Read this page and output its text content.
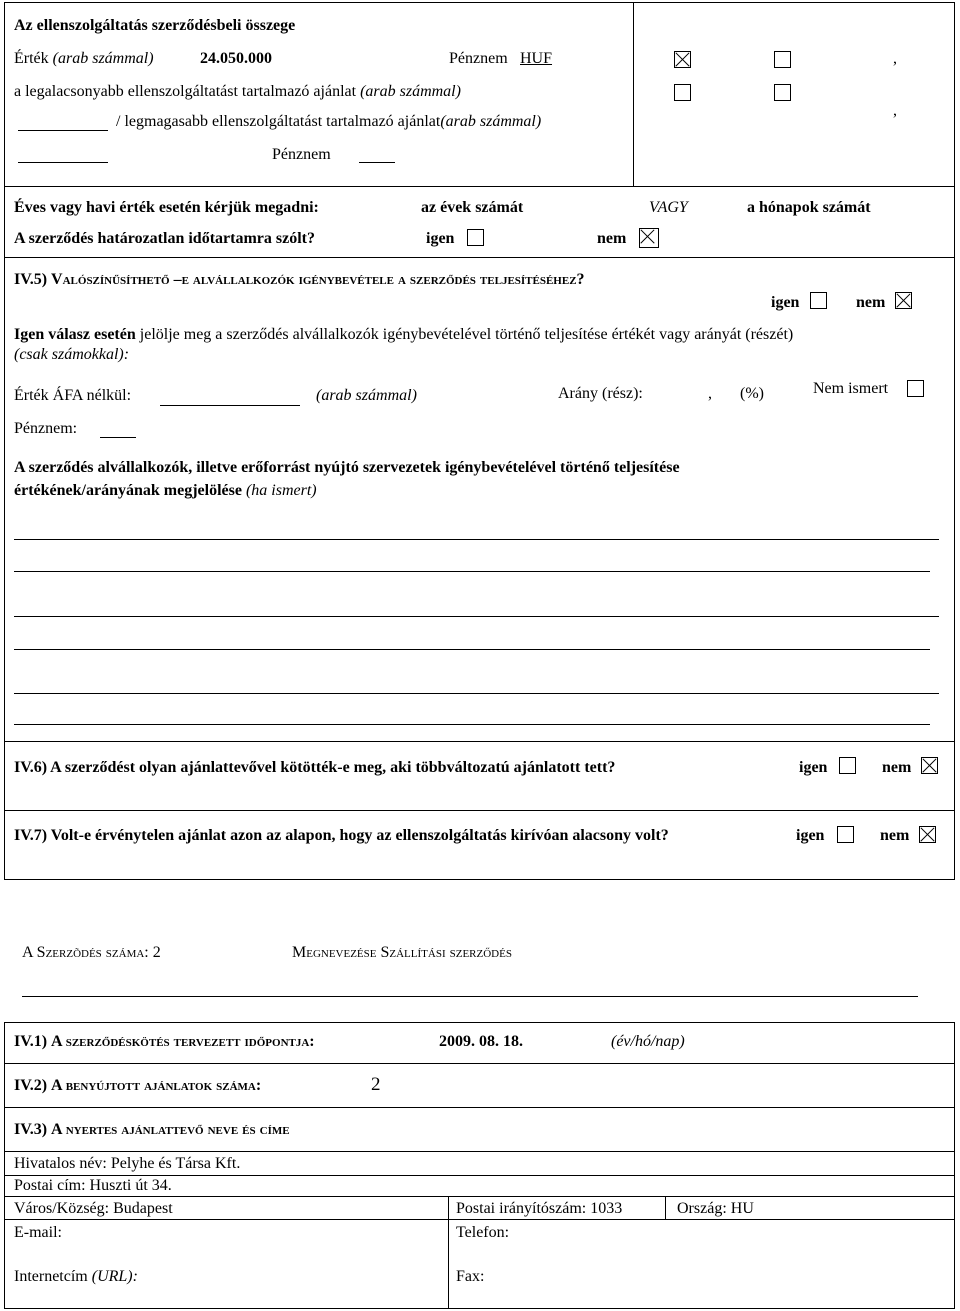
Az ellenszolgáltatás szerződésbeli összege
Érték (arab számmal)	24.050.000	Pénznem HUF	,
a legalacsonyabb ellenszolgáltatást tartalmazó ajánlat (arab számmal)
,
/ legmagasabb ellenszolgáltatást tartalmazó ajánlat(arab számmal)
Pénznem
Éves vagy havi érték esetén kérjük megadni:	az évek számát	VAGY	a hónapok számát
A szerződés határozatlan időtartamra szólt?	igen	nem
IV.5) Valószínűsíthető –e alvállalkozók igénybevétele a szerződés teljesítéséhez?
igen	nem
Igen válasz esetén jelölje meg a szerződés alvállalkozók igénybevételével történő teljesítése értékét vagy arányát (részét)
(csak számokkal):
Érték ÁFA nélkül:	(arab számmal)	Arány (rész):	, (%)	Nem ismert
Pénznem:
A szerződés alvállalkozók, illetve erőforrást nyújtó szervezetek igénybevételével történő teljesítése
értékének/arányának megjelölése (ha ismert)
IV.6) A szerződést olyan ajánlattevővel kötötték-e meg, aki többváltozatú ajánlatott tett?	igen	nem
IV.7) Volt-e érvénytelen ajánlat azon az alapon, hogy az ellenszolgáltatás kirívóan alacsony volt?	igen	nem
A Szerzõdés száma: 2	Megnevezése Szállítási szerződés
IV.1) A szerződéskötés tervezett időpontja:	2009. 08. 18.	(év/hó/nap)
IV.2) A benyújtott ajánlatok száma:	2
IV.3) A nyertes ajánlattevő neve és címe
Hivatalos név: Pelyhe és Társa Kft.
Postai cím: Huszti út 34.
Város/Község: Budapest	Postai irányítószám: 1033	Ország: HU
E-mail:	Telefon:
Internetcím (URL):	Fax:
